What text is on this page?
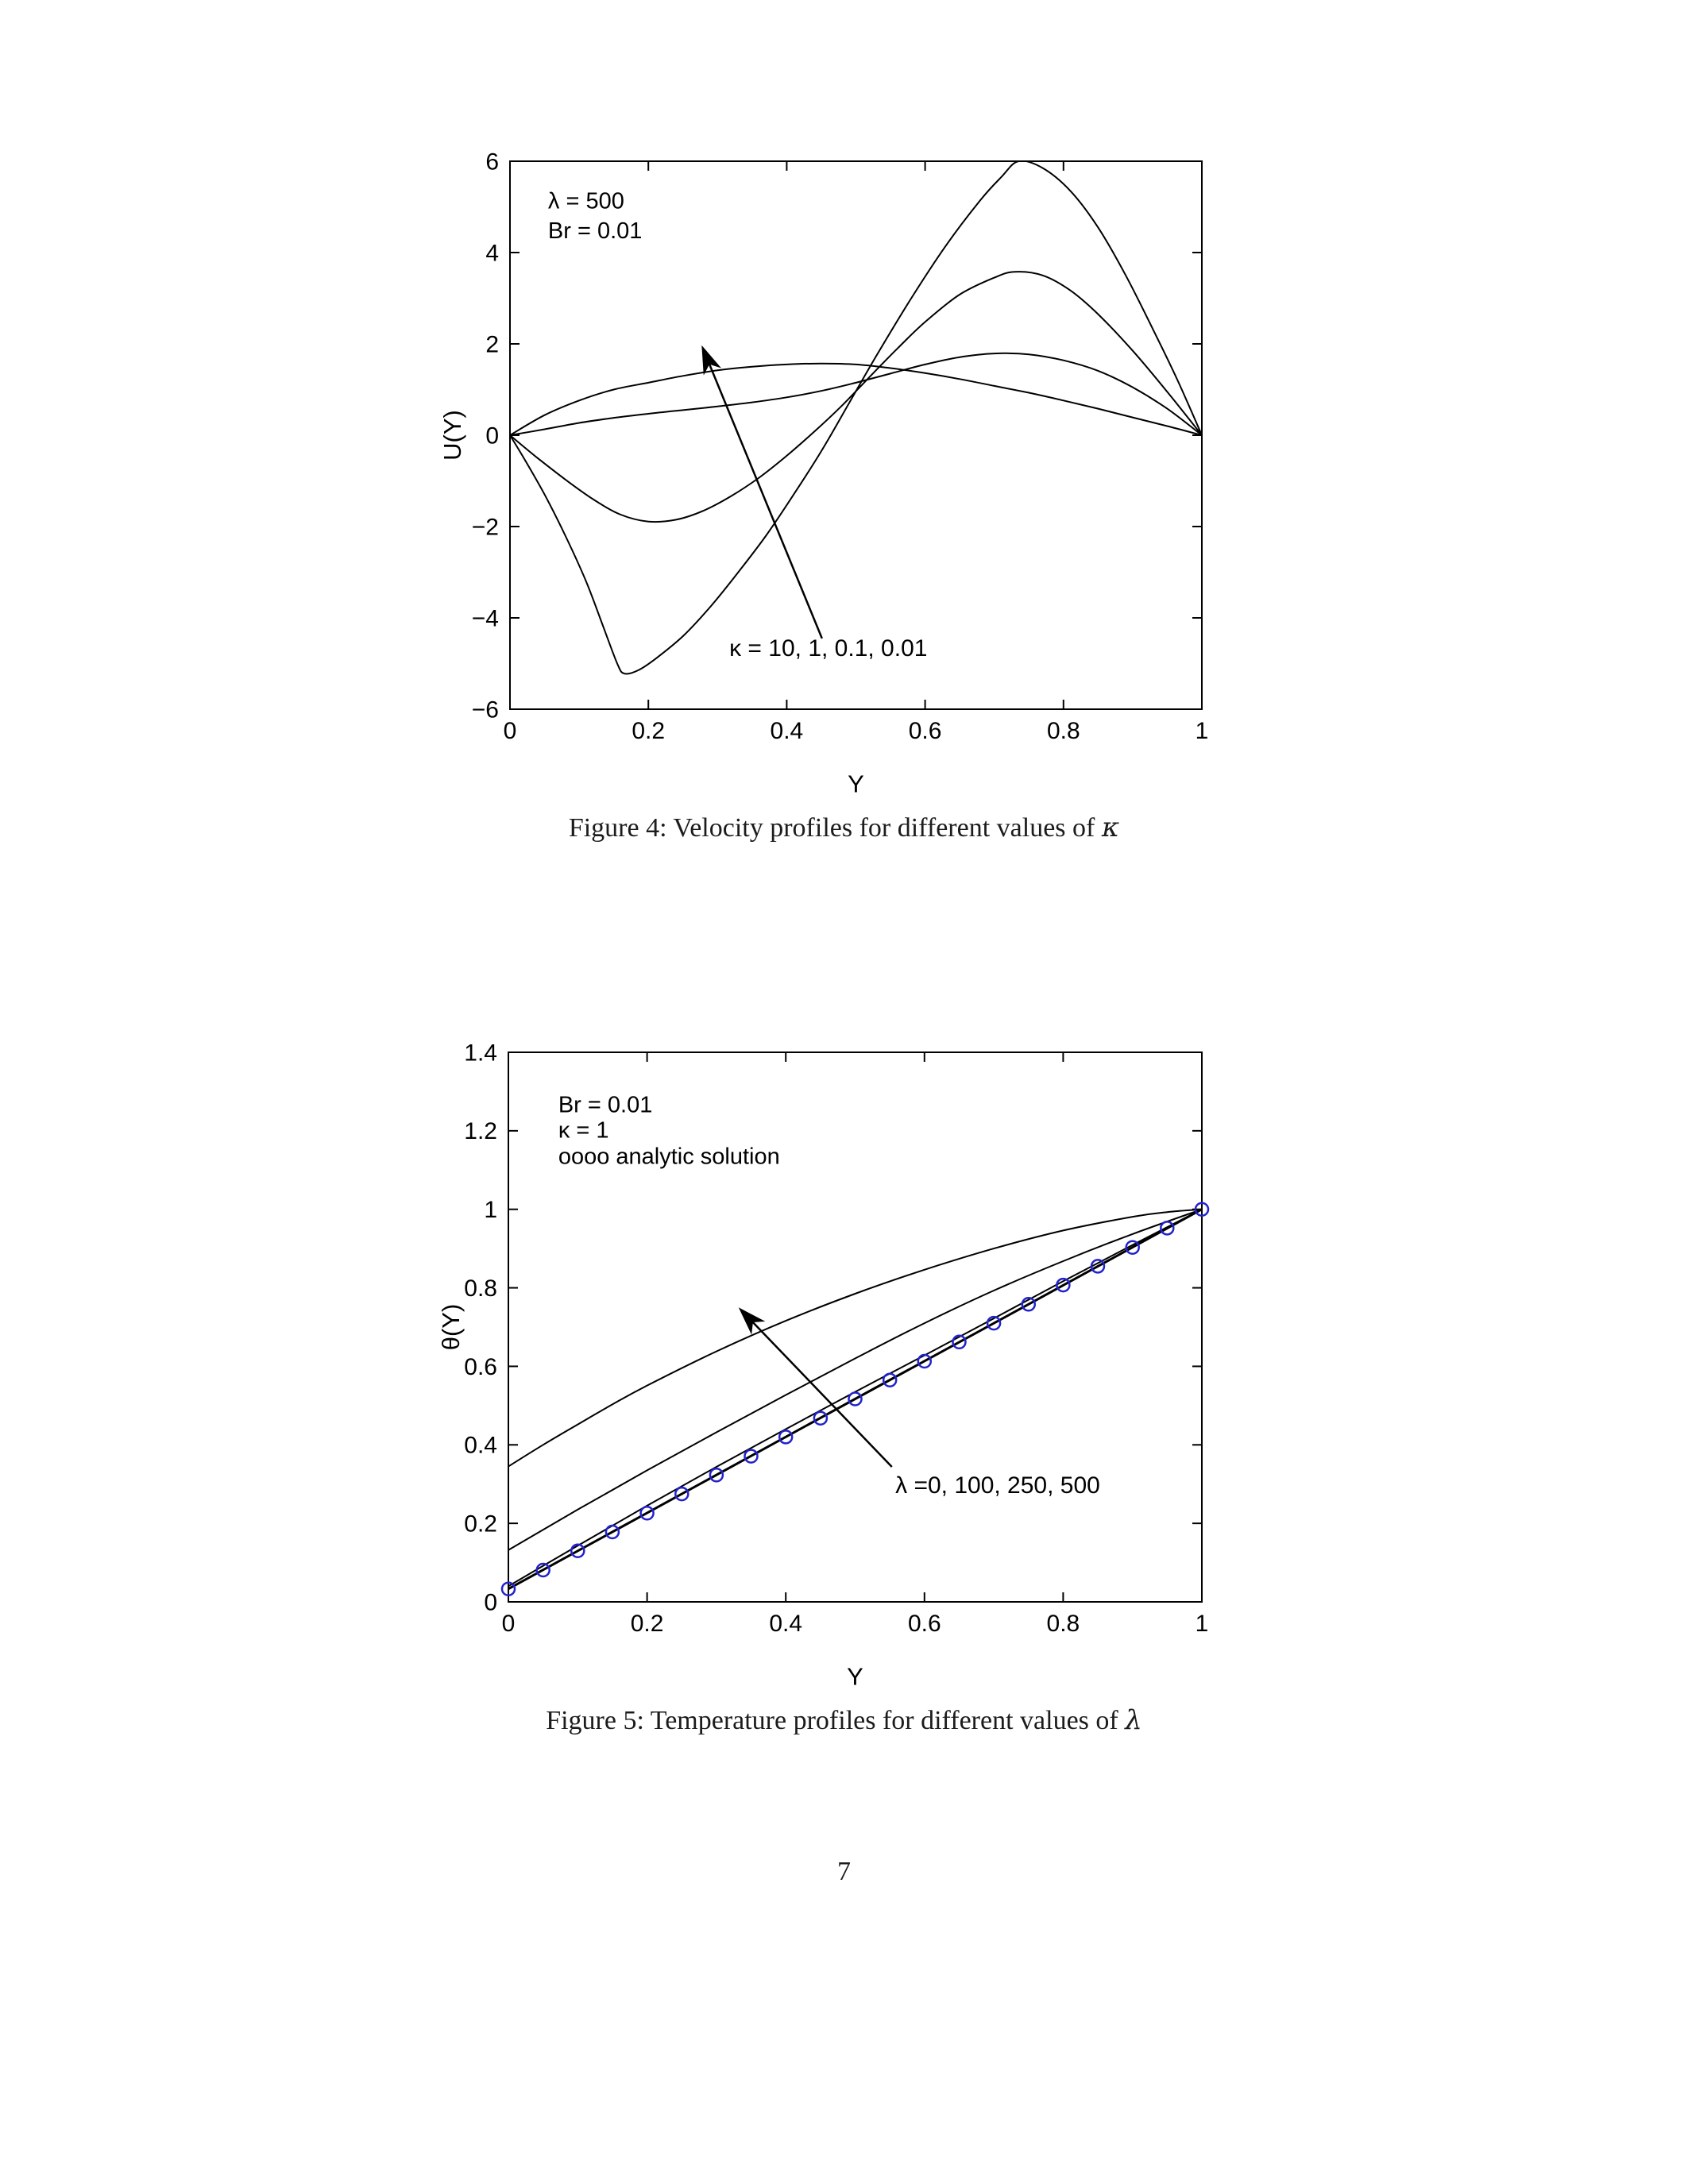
0	0.2	0.4	0.6	0.8	1
−6
−4
−2
0
2
4
6
Y
U(Y)
λ = 500
Br = 0.01
κ = 10, 1, 0.1, 0.01
Figure 4: Velocity profiles for different values of κ
0	0.2	0.4	0.6	0.8	1
0
0.2
0.4
0.6
0.8
1
1.2
1.4
Y
θ(Y)
Br = 0.01
κ = 1
oooo analytic solution
λ =0, 100, 250, 500
Figure 5: Temperature profiles for different values of λ
7
